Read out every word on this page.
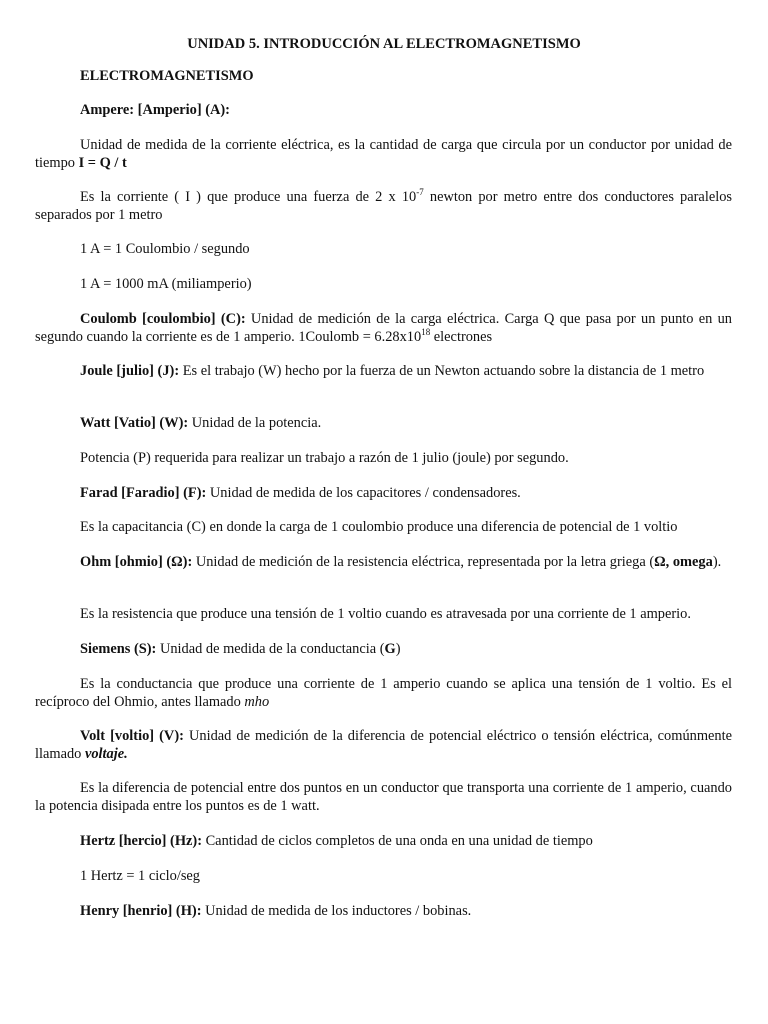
UNIDAD 5. INTRODUCCIÓN AL ELECTROMAGNETISMO

ELECTROMAGNETISMO

Ampere: [Amperio] (A):

Unidad de medida de la corriente eléctrica, es la cantidad de carga que circula por un conductor por unidad de tiempo I = Q / t

Es la corriente ( I ) que produce una fuerza de 2 x $10^{-7}$ newton por metro entre dos conductores paralelos separados por 1 metro

1 A = 1 Coulombio / segundo

1 A = 1000 mA (miliamperio)

Coulomb [coulombio] (C): Unidad de medición de la carga eléctrica. Carga Q que pasa por un punto en un segundo cuando la corriente es de 1 amperio. 1Coulomb = $6.28x10^{18}$ electrones

Joule [julio] (J): Es el trabajo (W) hecho por la fuerza de un Newton actuando sobre la distancia de 1 metro

Watt [Vatio] (W): Unidad de la potencia.

Potencia (P) requerida para realizar un trabajo a razón de 1 julio (joule) por segundo.

Farad [Faradio] (F): Unidad de medida de los capacitores / condensadores.

Es la capacitancia (C) en donde la carga de 1 coulombio produce una diferencia de potencial de 1 voltio

Ohm [ohmio] (Ω): Unidad de medición de la resistencia eléctrica, representada por la letra griega (Ω, omega).

Es la resistencia que produce una tensión de 1 voltio cuando es atravesada por una corriente de 1 amperio.

Siemens (S): Unidad de medida de la conductancia (G)

Es la conductancia que produce una corriente de 1 amperio cuando se aplica una tensión de 1 voltio. Es el recíproco del Ohmio, antes llamado mho

Volt [voltio] (V): Unidad de medición de la diferencia de potencial eléctrico o tensión eléctrica, comúnmente llamado voltaje.

Es la diferencia de potencial entre dos puntos en un conductor que transporta una corriente de 1 amperio, cuando la potencia disipada entre los puntos es de 1 watt.

Hertz [hercio] (Hz): Cantidad de ciclos completos de una onda en una unidad de tiempo

1 Hertz = 1 ciclo/seg

Henry [henrio] (H): Unidad de medida de los inductores / bobinas.
